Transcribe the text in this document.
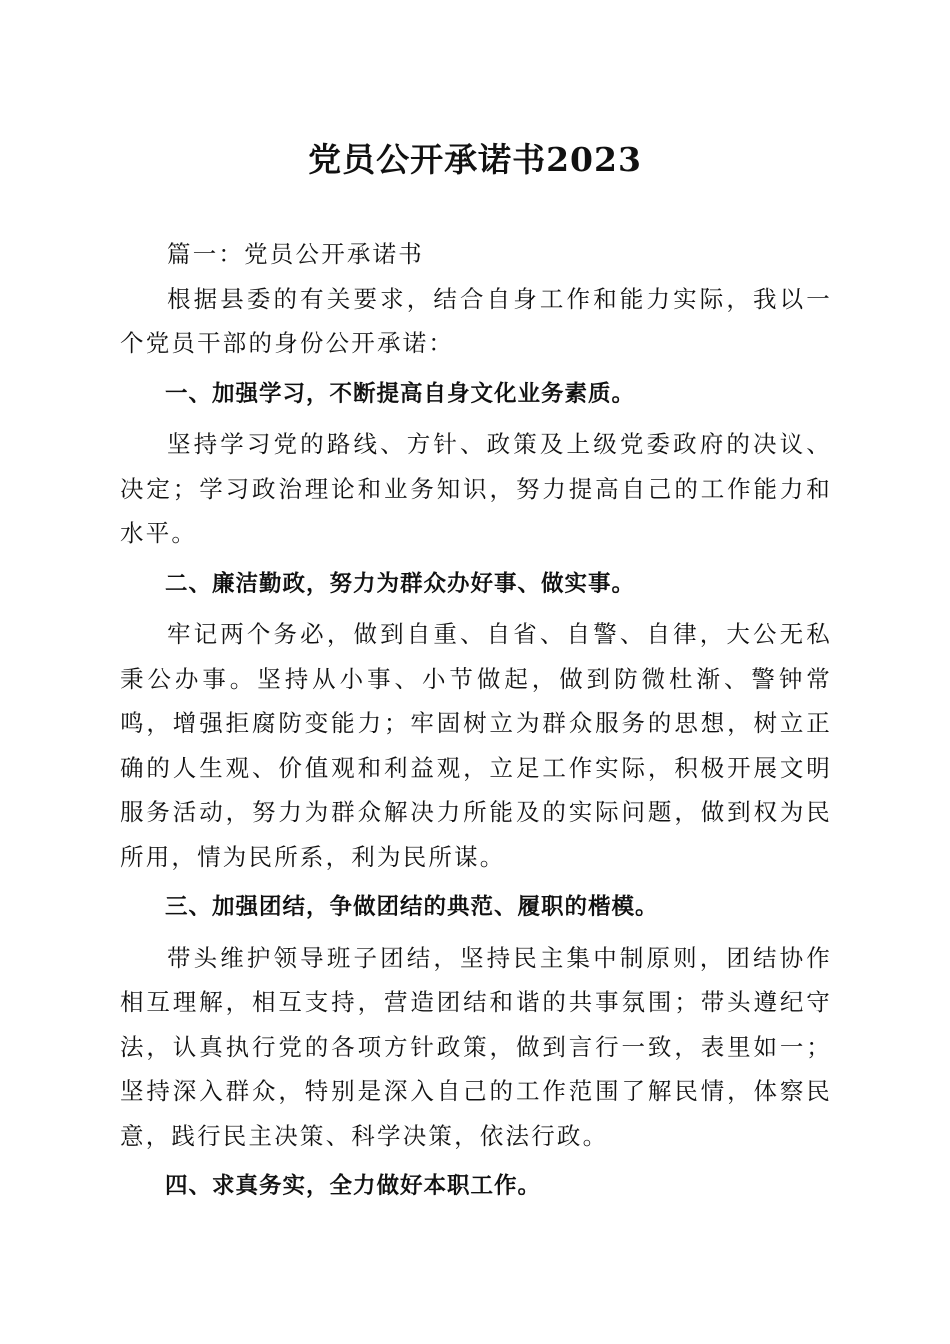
党员公开承诺书2023

篇一：党员公开承诺书

根据县委的有关要求，结合自身工作和能力实际，我以一个党员干部的身份公开承诺：

一、加强学习，不断提高自身文化业务素质。

坚持学习党的路线、方针、政策及上级党委政府的决议、决定；学习政治理论和业务知识，努力提高自己的工作能力和水平。

二、廉洁勤政，努力为群众办好事、做实事。

牢记两个务必，做到自重、自省、自警、自律，大公无私秉公办事。坚持从小事、小节做起，做到防微杜渐、警钟常鸣，增强拒腐防变能力；牢固树立为群众服务的思想，树立正确的人生观、价值观和利益观，立足工作实际，积极开展文明服务活动，努力为群众解决力所能及的实际问题，做到权为民所用，情为民所系，利为民所谋。

三、加强团结，争做团结的典范、履职的楷模。

带头维护领导班子团结，坚持民主集中制原则，团结协作相互理解，相互支持，营造团结和谐的共事氛围；带头遵纪守法，认真执行党的各项方针政策，做到言行一致，表里如一；坚持深入群众，特别是深入自己的工作范围了解民情，体察民意，践行民主决策、科学决策，依法行政。

四、求真务实，全力做好本职工作。
